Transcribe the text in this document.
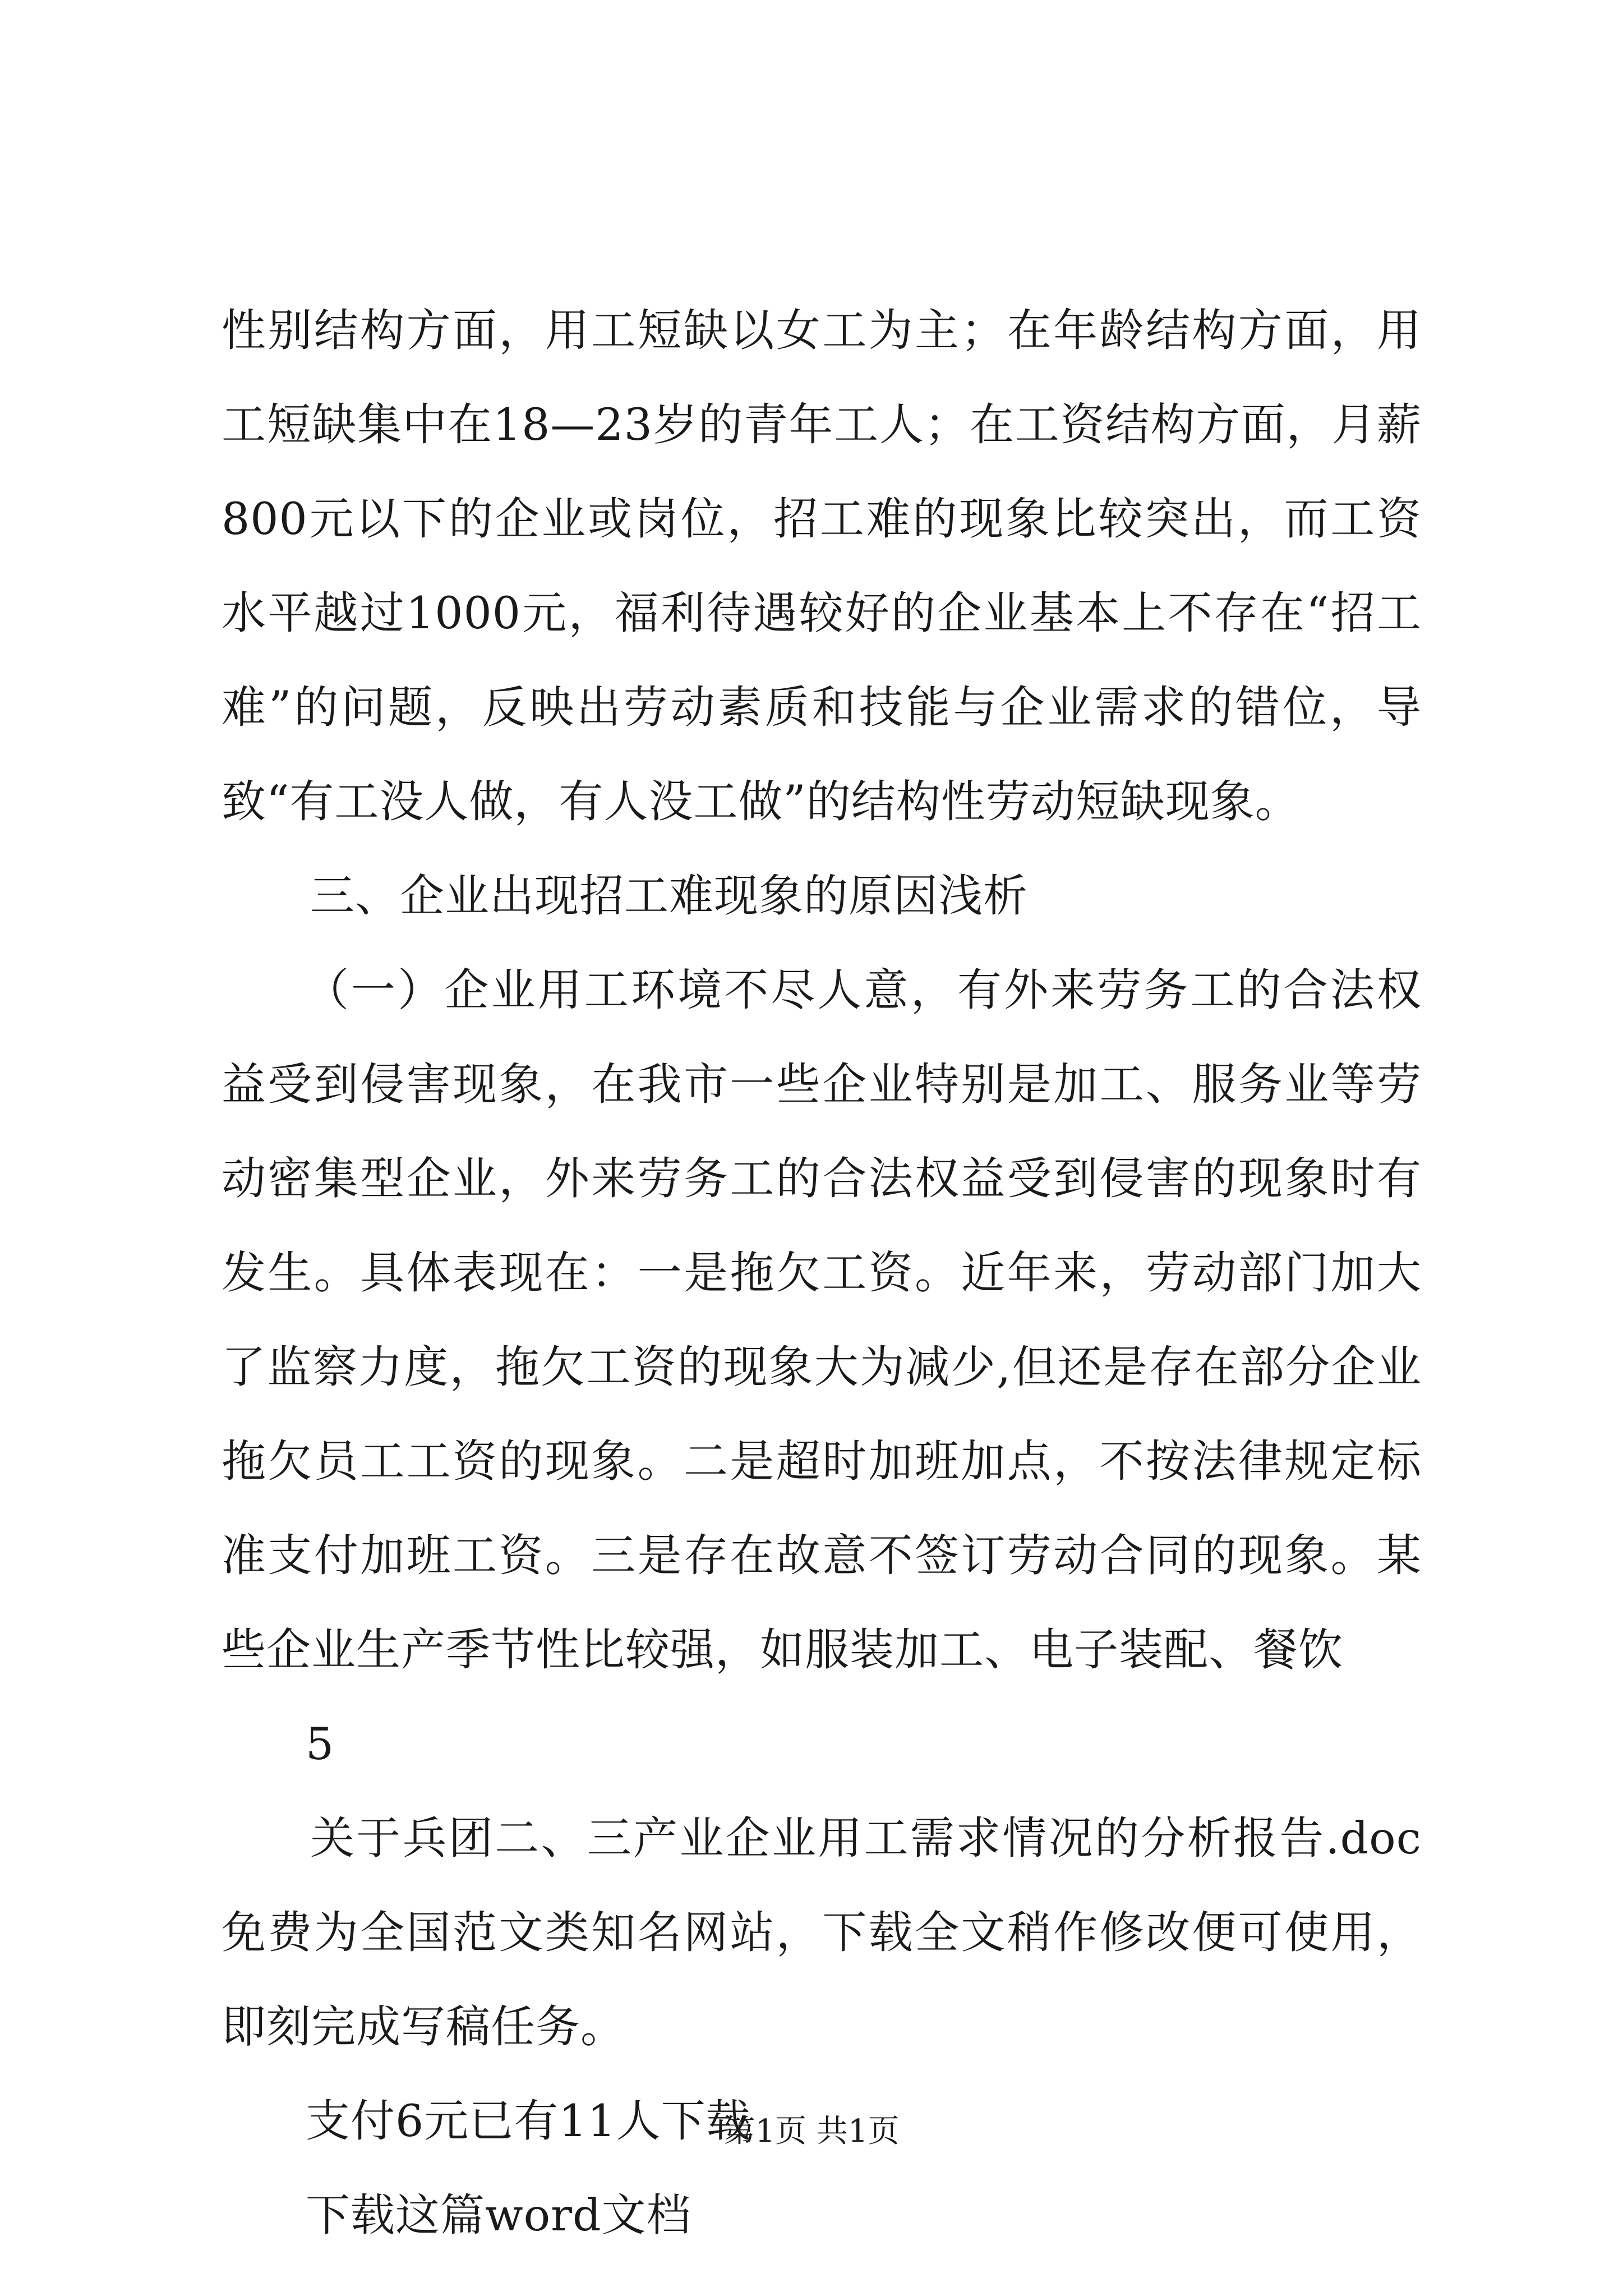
性别结构方面，用工短缺以女工为主；在年龄结构方面，用工短缺集中在18—23岁的青年工人；在工资结构方面，月薪800元以下的企业或岗位，招工难的现象比较突出，而工资水平越过1000元，福利待遇较好的企业基本上不存在“招工难”的问题，反映出劳动素质和技能与企业需求的错位，导致“有工没人做，有人没工做”的结构性劳动短缺现象。

三、企业出现招工难现象的原因浅析

（一）企业用工环境不尽人意，有外来劳务工的合法权益受到侵害现象，在我市一些企业特别是加工、服务业等劳动密集型企业，外来劳务工的合法权益受到侵害的现象时有发生。具体表现在：一是拖欠工资。近年来，劳动部门加大了监察力度，拖欠工资的现象大为减少,但还是存在部分企业拖欠员工工资的现象。二是超时加班加点，不按法律规定标准支付加班工资。三是存在故意不签订劳动合同的现象。某些企业生产季节性比较强，如服装加工、电子装配、餐饮

5

关于兵团二、三产业企业用工需求情况的分析报告.doc免费为全国范文类知名网站，下载全文稍作修改便可使用，即刻完成写稿任务。

支付6元已有11人下载

下载这篇word文档

第1页 共1页
